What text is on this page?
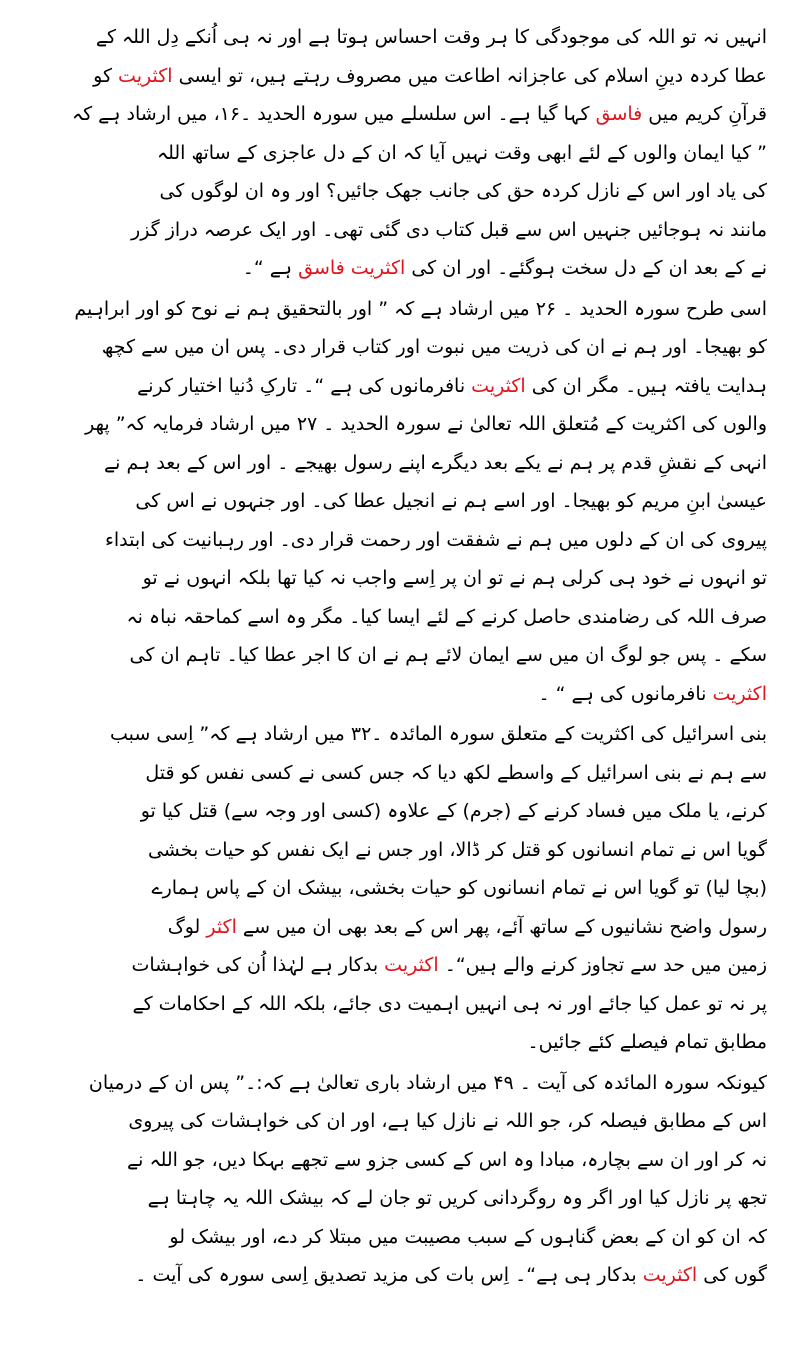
انہیں نہ تو اللہ کی موجودگی کا ہر وقت احساس ہوتا ہے اور نہ ہی اُنکے دِل اللہ کے
عطا کردہ دینِ اسلام کی عاجزانہ اطاعت میں مصروف رہتے ہیں، تو ایسی اکثریت کو
قرآنِ کریم میں فاسق کہا گیا ہے۔ اس سلسلے میں سورہ الحدید ۔۱۶، میں ارشاد ہے کہ
” کیا ایمان والوں کے لئے ابھی وقت نہیں آیا کہ ان کے دل عاجزی کے ساتھ اللہ
کی یاد اور اس کے نازل کردہ حق کی جانب جھک جائیں؟ اور وہ ان لوگوں کی
مانند نہ ہوجائیں جنہیں اس سے قبل کتاب دی گئی تھی۔ اور ایک عرصہ دراز گزر
نے کے بعد ان کے دل سخت ہوگئے۔ اور ان کی اکثریت فاسق ہے “۔

اسی طرح سورہ الحدید ۔ ۲۶ میں ارشاد ہے کہ ” اور بالتحقیق ہم نے نوح کو اور ابراہیم
کو بھیجا۔ اور ہم نے ان کی ذریت میں نبوت اور کتاب قرار دی۔ پس ان میں سے کچھ
ہدایت یافتہ ہیں۔ مگر ان کی اکثریت نافرمانوں کی ہے “۔ تارکِ دُنیا اختیار کرنے
والوں کی اکثریت کے مُتعلق اللہ تعالیٰ نے سورہ الحدید ۔ ۲۷ میں ارشاد فرمایہ کہ” پھر
انہی کے نقشِ قدم پر ہم نے یکے بعد دیگرے اپنے رسول بھیجے ۔ اور اس کے بعد ہم نے
عیسیٰ ابنِ مریم کو بھیجا۔ اور اسے ہم نے انجیل عطا کی۔ اور جنہوں نے اس کی
پیروی کی ان کے دلوں میں ہم نے شفقت اور رحمت قرار دی۔ اور رہبانیت کی ابتداء
تو انہوں نے خود ہی کرلی ہم نے تو ان پر اِسے واجب نہ کیا تھا بلکہ انہوں نے تو
صرف اللہ کی رضامندی حاصل کرنے کے لئے ایسا کیا۔ مگر وہ اسے کماحقہ نباہ نہ
سکے ۔ پس جو لوگ ان میں سے ایمان لائے ہم نے ان کا اجر عطا کیا۔ تاہم ان کی
اکثریت نافرمانوں کی ہے “ ۔

بنی اسرائیل کی اکثریت کے متعلق سورہ المائدہ ۔۳۲ میں ارشاد ہے کہ” اِسی سبب
سے ہم نے بنی اسرائیل کے واسطے لکھ دیا کہ جس کسی نے کسی نفس کو قتل
کرنے، یا ملک میں فساد کرنے کے (جرم) کے علاوہ (کسی اور وجہ سے) قتل کیا تو
گویا اس نے تمام انسانوں کو قتل کر ڈالا، اور جس نے ایک نفس کو حیات بخشی
(بچا لیا) تو گویا اس نے تمام انسانوں کو حیات بخشی، بیشک ان کے پاس ہمارے
رسول واضح نشانیوں کے ساتھ آئے، پھر اس کے بعد بھی ان میں سے اکثر لوگ
زمین میں حد سے تجاوز کرنے والے ہیں“۔ اکثریت بدکار ہے لہٰذا اُن کی خواہشات
پر نہ تو عمل کیا جائے اور نہ ہی انہیں اہمیت دی جائے، بلکہ اللہ کے احکامات کے
مطابق تمام فیصلے کئے جائیں۔

کیونکہ سورہ المائدہ کی آیت ۔ ۴۹ میں ارشاد باری تعالیٰ ہے کہ:۔” پس ان کے درمیان
اس کے مطابق فیصلہ کر، جو اللہ نے نازل کیا ہے، اور ان کی خواہشات کی پیروی
نہ کر اور ان سے بچارہ، مبادا وہ اس کے کسی جزو سے تجھے بہکا دیں، جو اللہ نے
تجھ پر نازل کیا اور اگر وہ روگردانی کریں تو جان لے کہ بیشک اللہ یہ چاہتا ہے
کہ ان کو ان کے بعض گناہوں کے سبب مصیبت میں مبتلا کر دے، اور بیشک لو
گوں کی اکثریت بدکار ہی ہے“۔ اِس بات کی مزید تصدیق اِسی سورہ کی آیت ۔
